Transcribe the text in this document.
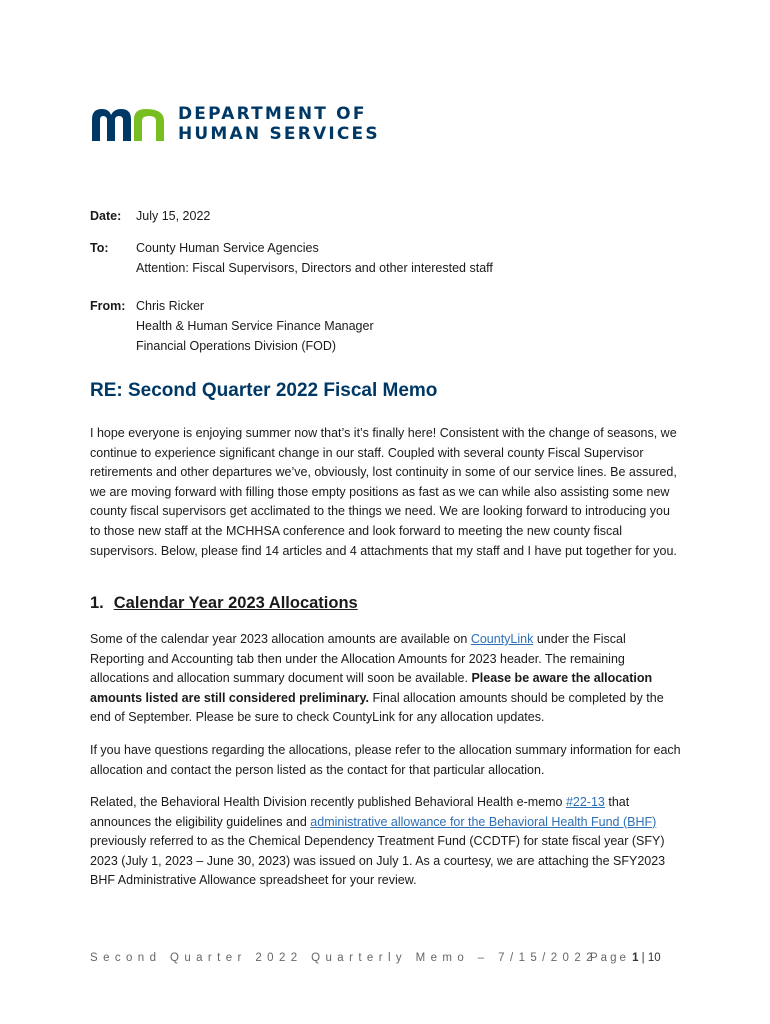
DEPARTMENT OF
HUMAN SERVICES
Date:	July 15, 2022
To:	County Human Service Agencies
Attention: Fiscal Supervisors, Directors and other interested staff
From: Chris Ricker
Health & Human Service Finance Manager
Financial Operations Division (FOD)
RE: Second Quarter 2022 Fiscal Memo

I hope everyone is enjoying summer now that’s it’s finally here! Consistent with the change of seasons, we continue to experience significant change in our staff. Coupled with several county Fiscal Supervisor retirements and other departures we’ve, obviously, lost continuity in some of our service lines. Be assured, we are moving forward with filling those empty positions as fast as we can while also assisting some new county fiscal supervisors get acclimated to the things we need. We are looking forward to introducing you to those new staff at the MCHHSA conference and look forward to meeting the new county fiscal supervisors. Below, please find 14 articles and 4 attachments that my staff and I have put together for you.

1. Calendar Year 2023 Allocations

Some of the calendar year 2023 allocation amounts are available on CountyLink under the Fiscal Reporting and Accounting tab then under the Allocation Amounts for 2023 header. The remaining allocations and allocation summary document will soon be available. Please be aware the allocation amounts listed are still considered preliminary. Final allocation amounts should be completed by the end of September. Please be sure to check CountyLink for any allocation updates.

If you have questions regarding the allocations, please refer to the allocation summary information for each allocation and contact the person listed as the contact for that particular allocation.

Related, the Behavioral Health Division recently published Behavioral Health e-memo #22-13 that announces the eligibility guidelines and administrative allowance for the Behavioral Health Fund (BHF) previously referred to as the Chemical Dependency Treatment Fund (CCDTF) for state fiscal year (SFY) 2023 (July 1, 2023 – June 30, 2023) was issued on July 1. As a courtesy, we are attaching the SFY2023 BHF Administrative Allowance spreadsheet for your review.

Second Quarter 2022 Quarterly Memo – 7/15/2022
Page 1 | 10
